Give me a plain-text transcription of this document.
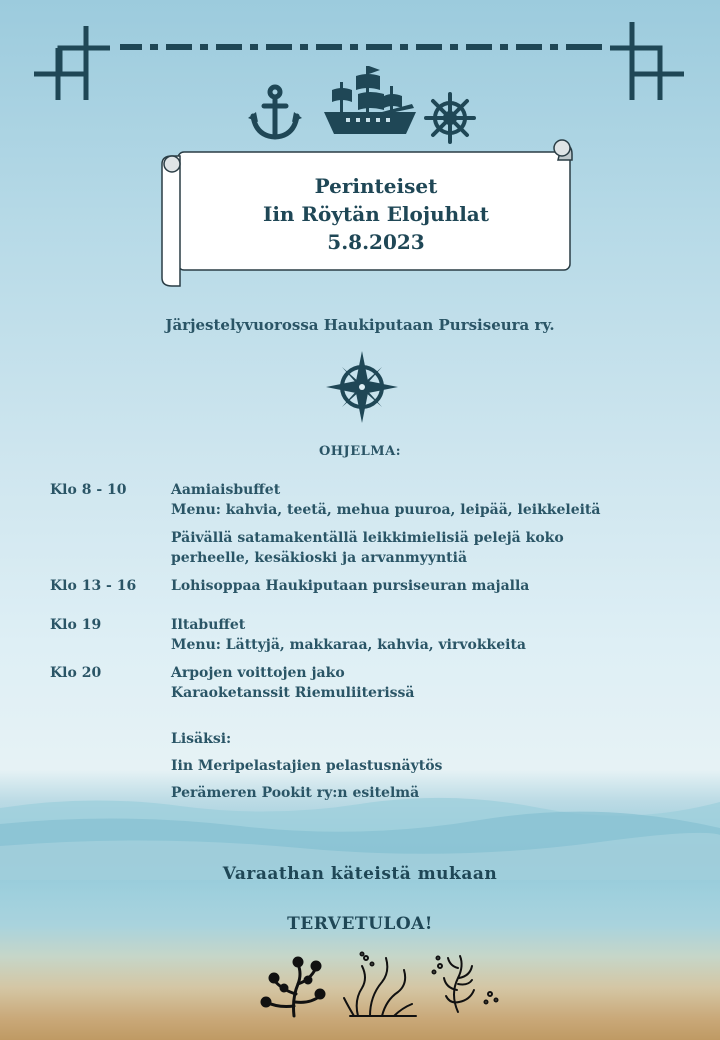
Perinteiset
Iin Röytän Elojuhlat
5.8.2023
Järjestelyvuorossa Haukiputaan Pursiseura ry.
OHJELMA:
Klo 8 - 10	Aamiaisbuffet
Menu: kahvia, teetä, mehua puuroa, leipää, leikkeleitä
Päivällä satamakentällä leikkimielisiä pelejä koko
perheelle, kesäkioski ja arvanmyyntiä
Klo 13 - 16 Lohisoppaa Haukiputaan pursiseuran majalla
Klo 19	Iltabuffet
Menu: Lättyjä, makkaraa, kahvia, virvokkeita
Klo 20	Arpojen voittojen jako
Karaoketanssit Riemuliiterissä
Lisäksi:
Iin Meripelastajien pelastusnäytös
Perämeren Pookit ry:n esitelmä
Varaathan käteistä mukaan
TERVETULOA!
